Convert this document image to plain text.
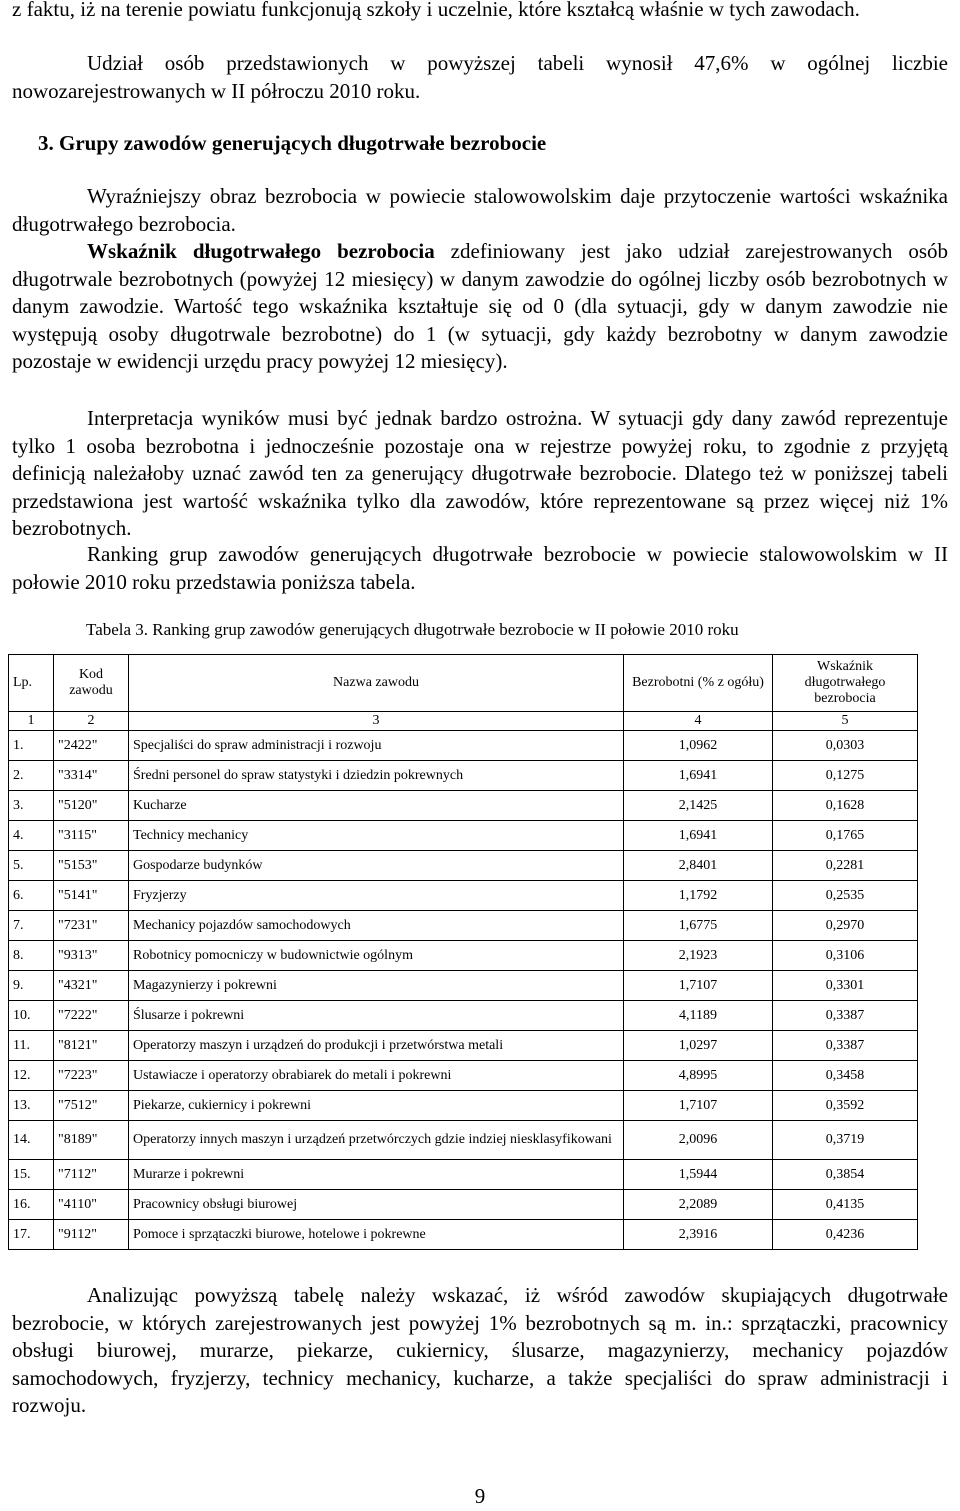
z faktu, iż na terenie powiatu funkcjonują szkoły i uczelnie, które kształcą właśnie w tych zawodach.

Udział osób przedstawionych w powyższej tabeli wynosił 47,6% w ogólnej liczbie nowozarejestrowanych w II półroczu 2010 roku.

3. Grupy zawodów generujących długotrwałe bezrobocie

Wyraźniejszy obraz bezrobocia w powiecie stalowowolskim daje przytoczenie wartości wskaźnika długotrwałego bezrobocia.

Wskaźnik długotrwałego bezrobocia zdefiniowany jest jako udział zarejestrowanych osób długotrwale bezrobotnych (powyżej 12 miesięcy) w danym zawodzie do ogólnej liczby osób bezrobotnych w danym zawodzie. Wartość tego wskaźnika kształtuje się od 0 (dla sytuacji, gdy w danym zawodzie nie występują osoby długotrwale bezrobotne) do 1 (w sytuacji, gdy każdy bezrobotny w danym zawodzie pozostaje w ewidencji urzędu pracy powyżej 12 miesięcy).

Interpretacja wyników musi być jednak bardzo ostrożna. W sytuacji gdy dany zawód reprezentuje tylko 1 osoba bezrobotna i jednocześnie pozostaje ona w rejestrze powyżej roku, to zgodnie z przyjętą definicją należałoby uznać zawód ten za generujący długotrwałe bezrobocie. Dlatego też w poniższej tabeli przedstawiona jest wartość wskaźnika tylko dla zawodów, które reprezentowane są przez więcej niż 1% bezrobotnych.

Ranking grup zawodów generujących długotrwałe bezrobocie w powiecie stalowowolskim w II połowie 2010 roku przedstawia poniższa tabela.

Tabela 3. Ranking grup zawodów generujących długotrwałe bezrobocie w II połowie 2010 roku

Lp.	Kod zawodu	Nazwa zawodu	Bezrobotni (% z ogółu)	Wskaźnik długotrwałego bezrobocia
1	2	3	4	5
1.	"2422"	Specjaliści do spraw administracji i rozwoju	1,0962	0,0303
2.	"3314"	Średni personel do spraw statystyki i dziedzin pokrewnych	1,6941	0,1275
3.	"5120"	Kucharze	2,1425	0,1628
4.	"3115"	Technicy mechanicy	1,6941	0,1765
5.	"5153"	Gospodarze budynków	2,8401	0,2281
6.	"5141"	Fryzjerzy	1,1792	0,2535
7.	"7231"	Mechanicy pojazdów samochodowych	1,6775	0,2970
8.	"9313"	Robotnicy pomocniczy w budownictwie ogólnym	2,1923	0,3106
9.	"4321"	Magazynierzy i pokrewni	1,7107	0,3301
10.	"7222"	Ślusarze i pokrewni	4,1189	0,3387
11.	"8121"	Operatorzy maszyn i urządzeń do produkcji i przetwórstwa metali	1,0297	0,3387
12.	"7223"	Ustawiacze i operatorzy obrabiarek do metali i pokrewni	4,8995	0,3458
13.	"7512"	Piekarze, cukiernicy i pokrewni	1,7107	0,3592
14.	"8189"	Operatorzy innych maszyn i urządzeń przetwórczych gdzie indziej niesklasyfikowani	2,0096	0,3719
15.	"7112"	Murarze i pokrewni	1,5944	0,3854
16.	"4110"	Pracownicy obsługi biurowej	2,2089	0,4135
17.	"9112"	Pomoce i sprzątaczki biurowe, hotelowe i pokrewne	2,3916	0,4236

Analizując powyższą tabelę należy wskazać, iż wśród zawodów skupiających długotrwałe bezrobocie, w których zarejestrowanych jest powyżej 1% bezrobotnych są m. in.: sprzątaczki, pracownicy obsługi biurowej, murarze, piekarze, cukiernicy, ślusarze, magazynierzy, mechanicy pojazdów samochodowych, fryzjerzy, technicy mechanicy, kucharze, a także specjaliści do spraw administracji i rozwoju.

9
